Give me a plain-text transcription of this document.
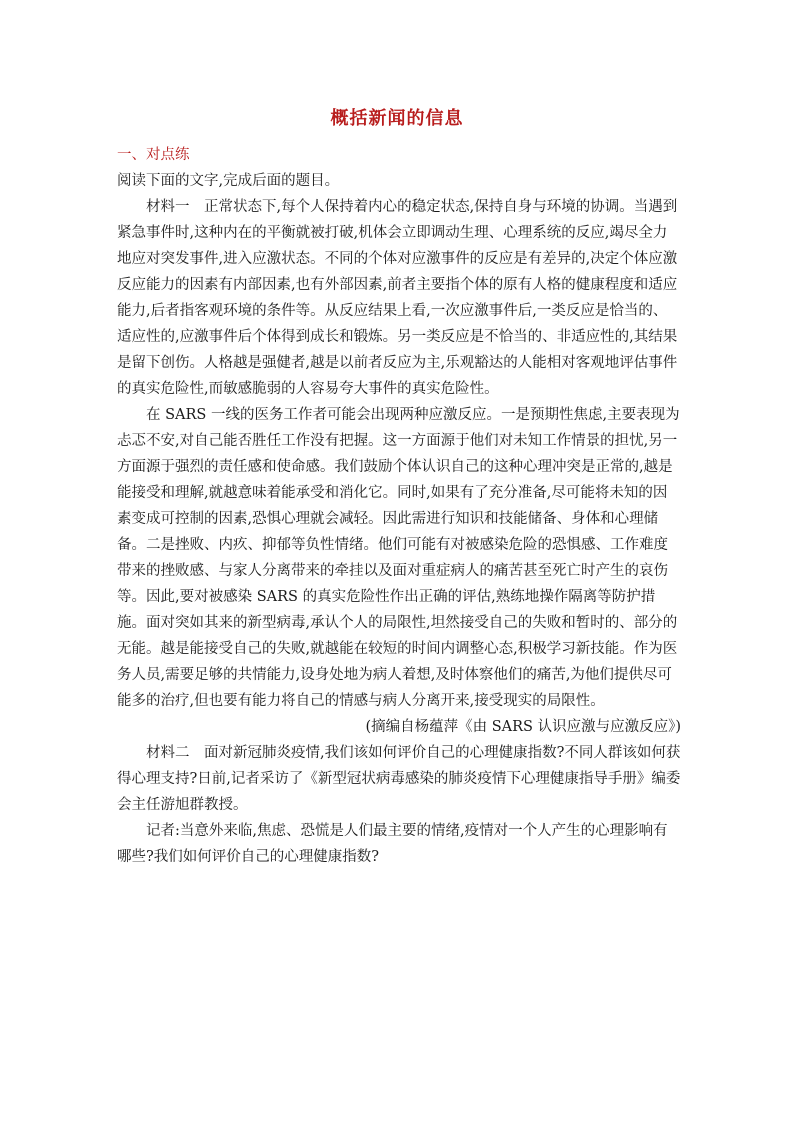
概括新闻的信息

一、对点练

阅读下面的文字,完成后面的题目。

材料一　正常状态下,每个人保持着内心的稳定状态,保持自身与环境的协调。当遇到紧急事件时,这种内在的平衡就被打破,机体会立即调动生理、心理系统的反应,竭尽全力地应对突发事件,进入应激状态。不同的个体对应激事件的反应是有差异的,决定个体应激反应能力的因素有内部因素,也有外部因素,前者主要指个体的原有人格的健康程度和适应能力,后者指客观环境的条件等。从反应结果上看,一次应激事件后,一类反应是恰当的、适应性的,应激事件后个体得到成长和锻炼。另一类反应是不恰当的、非适应性的,其结果是留下创伤。人格越是强健者,越是以前者反应为主,乐观豁达的人能相对客观地评估事件的真实危险性,而敏感脆弱的人容易夸大事件的真实危险性。

在 SARS 一线的医务工作者可能会出现两种应激反应。一是预期性焦虑,主要表现为忐忑不安,对自己能否胜任工作没有把握。这一方面源于他们对未知工作情景的担忧,另一方面源于强烈的责任感和使命感。我们鼓励个体认识自己的这种心理冲突是正常的,越是能接受和理解,就越意味着能承受和消化它。同时,如果有了充分准备,尽可能将未知的因素变成可控制的因素,恐惧心理就会减轻。因此需进行知识和技能储备、身体和心理储备。二是挫败、内疚、抑郁等负性情绪。他们可能有对被感染危险的恐惧感、工作难度带来的挫败感、与家人分离带来的牵挂以及面对重症病人的痛苦甚至死亡时产生的哀伤等。因此,要对被感染 SARS 的真实危险性作出正确的评估,熟练地操作隔离等防护措施。面对突如其来的新型病毒,承认个人的局限性,坦然接受自己的失败和暂时的、部分的无能。越是能接受自己的失败,就越能在较短的时间内调整心态,积极学习新技能。作为医务人员,需要足够的共情能力,设身处地为病人着想,及时体察他们的痛苦,为他们提供尽可能多的治疗,但也要有能力将自己的情感与病人分离开来,接受现实的局限性。

(摘编自杨蕴萍《由 SARS 认识应激与应激反应》)

材料二　面对新冠肺炎疫情,我们该如何评价自己的心理健康指数?不同人群该如何获得心理支持?日前,记者采访了《新型冠状病毒感染的肺炎疫情下心理健康指导手册》编委会主任游旭群教授。

记者:当意外来临,焦虑、恐慌是人们最主要的情绪,疫情对一个人产生的心理影响有哪些?我们如何评价自己的心理健康指数?
